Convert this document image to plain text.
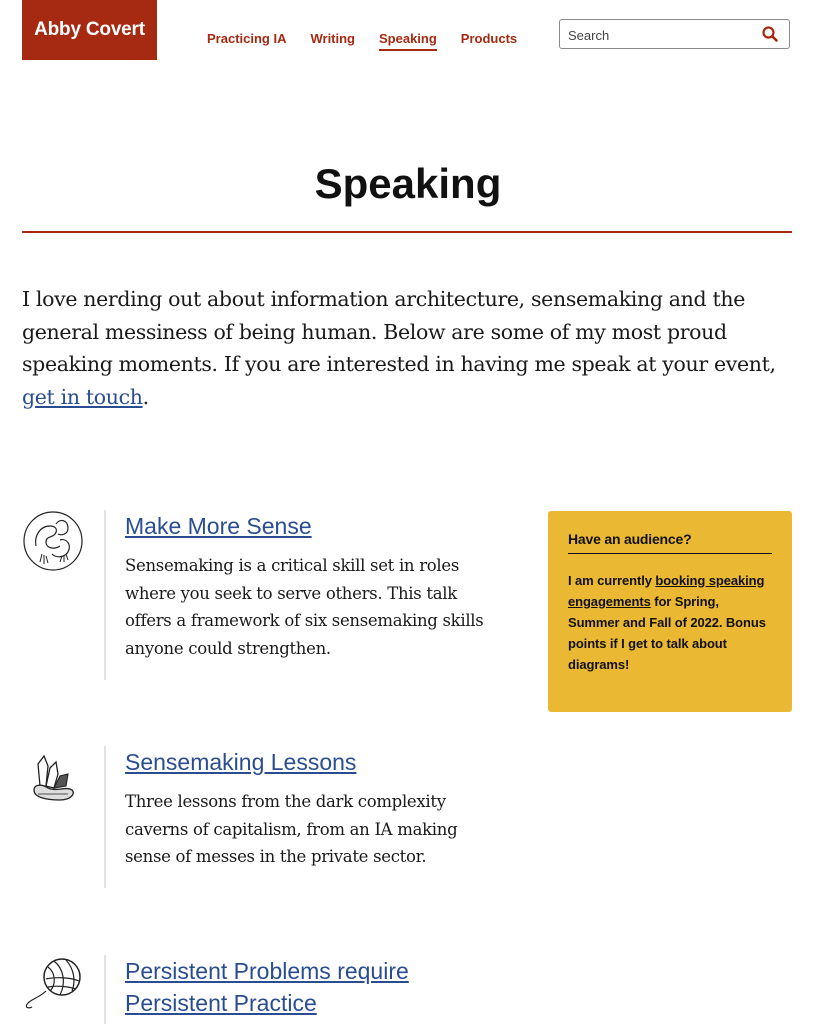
Abby Covert	Practicing IA Writing Speaking Products
Search
Speaking

I love nerding out about information architecture, sensemaking and the general messiness of being human. Below are some of my most proud speaking moments. If you are interested in having me speak at your event, get in touch.

Make More Sense

Sensemaking is a critical skill set in roles where you seek to serve others. This talk offers a framework of six sensemaking skills anyone could strengthen.

Sensemaking Lessons

Three lessons from the dark complexity caverns of capitalism, from an IA making sense of messes in the private sector.

Persistent Problems require Persistent Practice
Have an audience?

I am currently booking speaking engagements for Spring, Summer and Fall of 2022. Bonus points if I get to talk about diagrams!
